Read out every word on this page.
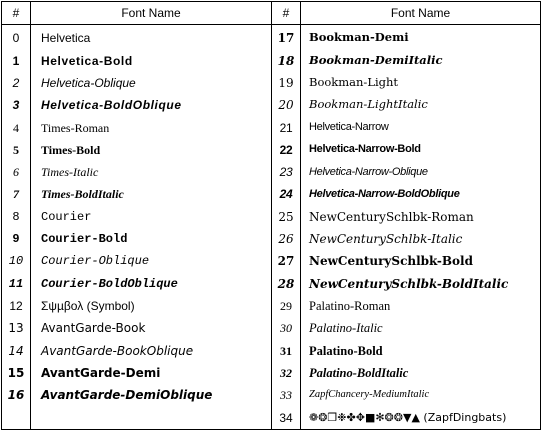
#	Font Name	#	Font Name
0	Helvetica	17	Bookman-Demi
1	Helvetica-Bold	18	Bookman-DemiItalic
2	Helvetica-Oblique	19	Bookman-Light
3	Helvetica-BoldOblique	20	Bookman-LightItalic
4	Times-Roman	21	Helvetica-Narrow
5	Times-Bold	22	Helvetica-Narrow-Bold
6	Times-Italic	23	Helvetica-Narrow-Oblique
7	Times-BoldItalic	24	Helvetica-Narrow-BoldOblique
8	Courier	25	NewCenturySchlbk-Roman
9	Courier-Bold	26	NewCenturySchlbk-Italic
10	Courier-Oblique	27	NewCenturySchlbk-Bold
11	Courier-BoldOblique	28	NewCenturySchlbk-BoldItalic
12	Σψµβολ (Symbol)	29	Palatino-Roman
13	AvantGarde-Book	30	Palatino-Italic
14	AvantGarde-BookOblique	31	Palatino-Bold
15	AvantGarde-Demi	32	Palatino-BoldItalic
16	AvantGarde-DemiOblique	33	ZapfChancery-MediumItalic
		34	❁❂❐❉✤✥■✻❂❂▼▲ (ZapfDingbats)
